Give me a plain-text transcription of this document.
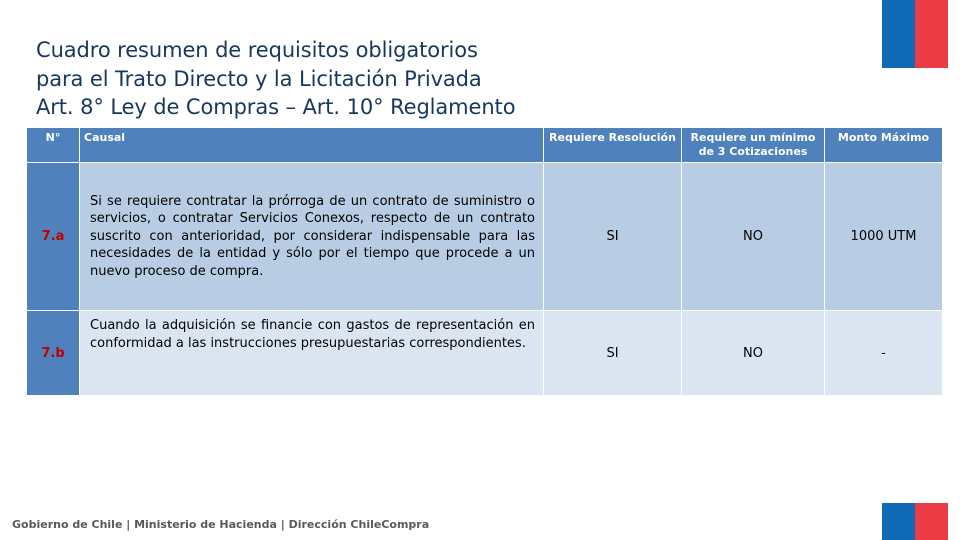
Cuadro resumen de requisitos obligatorios
para el Trato Directo y la Licitación Privada
Art. 8° Ley de Compras – Art. 10° Reglamento
N°	Causal	Requiere Resolución	Requiere un mínimo de 3 Cotizaciones	Monto Máximo
7.a	Si se requiere contratar la prórroga de un contrato de suministro o servicios, o contratar Servicios Conexos, respecto de un contrato suscrito con anterioridad, por considerar indispensable para las necesidades de la entidad y sólo por el tiempo que procede a un nuevo proceso de compra.	SI	NO	1000 UTM
7.b	Cuando la adquisición se financie con gastos de representación en conformidad a las instrucciones presupuestarias correspondientes.	SI	NO	-
Gobierno de Chile | Ministerio de Hacienda | Dirección ChileCompra
